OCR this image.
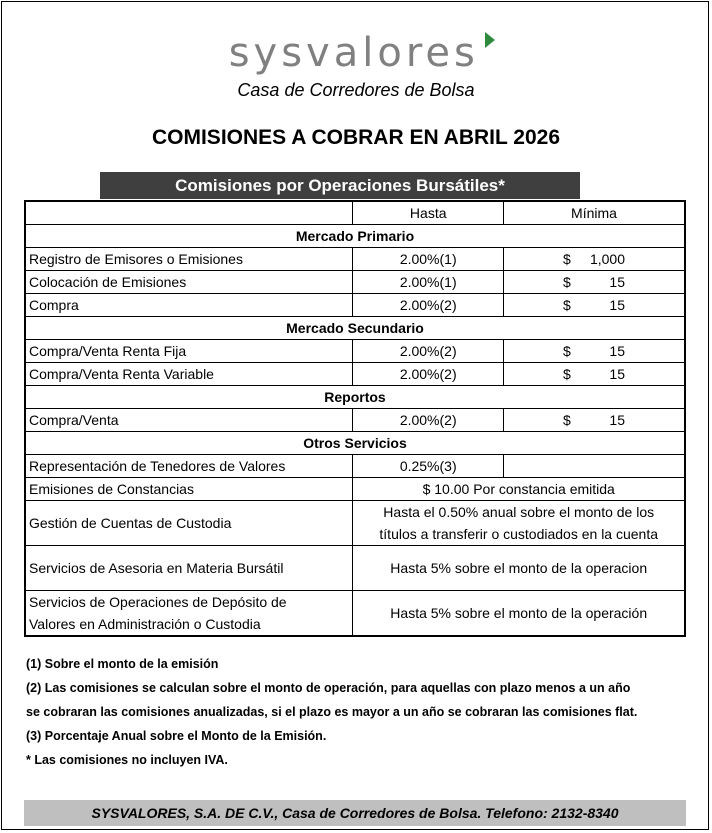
sysvalores
Casa de Corredores de Bolsa
COMISIONES A COBRAR EN ABRIL 2026
Comisiones por Operaciones Bursátiles*
	Hasta	Mínima
Mercado Primario		
Registro de Emisores o Emisiones	2.00%(1)	$ 1,000

Colocación de Emisiones	2.00%(1)	$ 15

Compra	2.00%(2)	$ 15

Mercado Secundario		
Compra/Venta Renta Fija	2.00%(2)	$ 15

Compra/Venta Renta Variable	2.00%(2)	$ 15

Reportos		
Compra/Venta	2.00%(2)	$ 15

Otros Servicios		
Representación de Tenedores de Valores	0.25%(3)	
Emisiones de Constancias	$ 10.00 Por constancia emitida	
Gestión de Cuentas de Custodia	Hasta el 0.50% anual sobre el monto de los títulos a transferir o custodiados en la cuenta	
Servicios de Asesoria en Materia Bursátil	Hasta 5% sobre el monto de la operacion	
Servicios de Operaciones de Depósito de Valores en Administración o Custodia	Hasta 5% sobre el monto de la operación	
(1) Sobre el monto de la emisión
(2) Las comisiones se calculan sobre el monto de operación, para aquellas con plazo menos a un año
se cobraran las comisiones anualizadas, si el plazo es mayor a un año se cobraran las comisiones flat.
(3) Porcentaje Anual sobre el Monto de la Emisión.
* Las comisiones no incluyen IVA.
SYSVALORES, S.A. DE C.V., Casa de Corredores de Bolsa. Telefono: 2132-8340
